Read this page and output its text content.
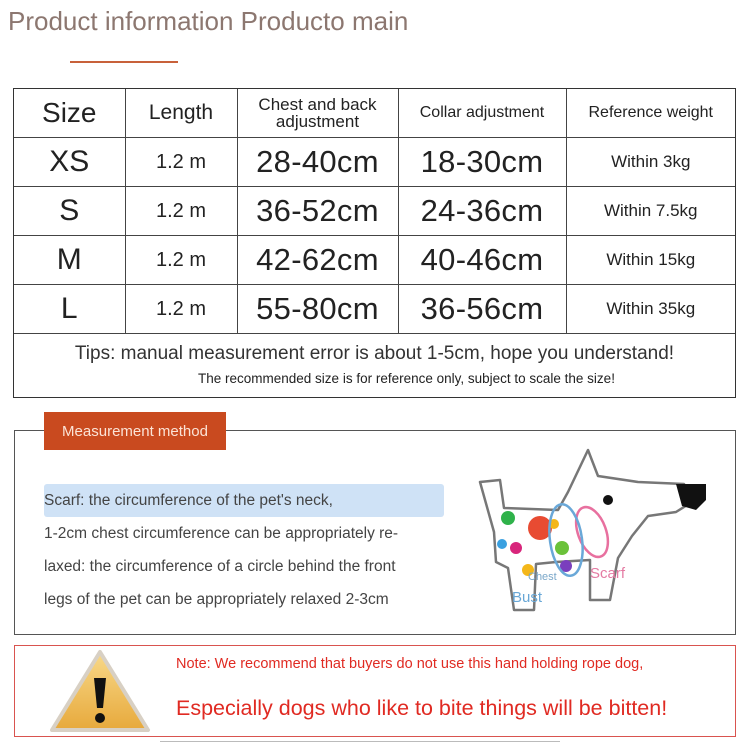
Product information Producto main
Size	Length	Chest and back adjustment	Collar adjustment	Reference weight
XS	1.2 m	28-40cm	18-30cm	Within 3kg
S	1.2 m	36-52cm	24-36cm	Within 7.5kg
M	1.2 m	42-62cm	40-46cm	Within 15kg
L	1.2 m	55-80cm	36-56cm	Within 35kg
Tips: manual measurement error is about 1-5cm, hope you understand!
The recommended size is for reference only, subject to scale the size!
Measurement method
Scarf: the circumference of the pet's neck,
1-2cm chest circumference can be appropriately re-
laxed: the circumference of a circle behind the front
legs of the pet can be appropriately relaxed 2-3cm
Chest Scarf
Bust
Note: We recommend that buyers do not use this hand holding rope dog,
Especially dogs who like to bite things will be bitten!
